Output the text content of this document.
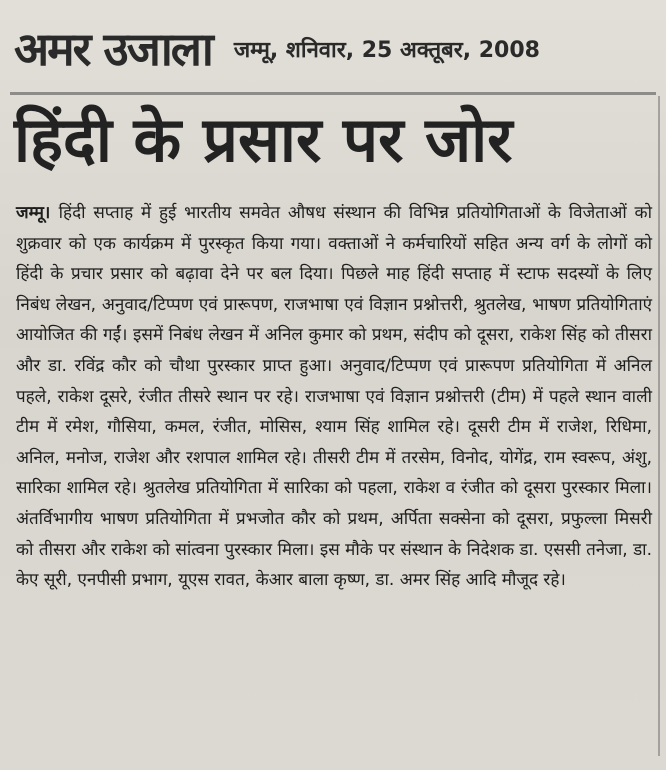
अमर उजाला जम्मू, शनिवार, 25 अक्तूबर, 2008
हिंदी के प्रसार पर जोर
जम्मू। हिंदी सप्ताह में हुई भारतीय समवेत औषध संस्थान की विभिन्न प्रतियोगिताओं के विजेताओं को शुक्रवार को एक कार्यक्रम में पुरस्कृत किया गया। वक्ताओं ने कर्मचारियों सहित अन्य वर्ग के लोगों को हिंदी के प्रचार प्रसार को बढ़ावा देने पर बल दिया। पिछले माह हिंदी सप्ताह में स्टाफ सदस्यों के लिए निबंध लेखन, अनुवाद/टिप्पण एवं प्रारूपण, राजभाषा एवं विज्ञान प्रश्नोत्तरी, श्रुतलेख, भाषण प्रतियोगिताएं आयोजित की गईं। इसमें निबंध लेखन में अनिल कुमार को प्रथम, संदीप को दूसरा, राकेश सिंह को तीसरा और डा. रविंद्र कौर को चौथा पुरस्कार प्राप्त हुआ। अनुवाद/टिप्पण एवं प्रारूपण प्रतियोगिता में अनिल पहले, राकेश दूसरे, रंजीत तीसरे स्थान पर रहे। राजभाषा एवं विज्ञान प्रश्नोत्तरी (टीम) में पहले स्थान वाली टीम में रमेश, गौसिया, कमल, रंजीत, मोसिस, श्याम सिंह शामिल रहे। दूसरी टीम में राजेश, रिधिमा, अनिल, मनोज, राजेश और रशपाल शामिल रहे। तीसरी टीम में तरसेम, विनोद, योगेंद्र, राम स्वरूप, अंशु, सारिका शामिल रहे। श्रुतलेख प्रतियोगिता में सारिका को पहला, राकेश व रंजीत को दूसरा पुरस्कार मिला। अंतर्विभागीय भाषण प्रतियोगिता में प्रभजोत कौर को प्रथम, अर्पिता सक्सेना को दूसरा, प्रफुल्ला मिसरी को तीसरा और राकेश को सांत्वना पुरस्कार मिला। इस मौके पर संस्थान के निदेशक डा. एससी तनेजा, डा. केए सूरी, एनपीसी प्रभाग, यूएस रावत, केआर बाला कृष्ण, डा. अमर सिंह आदि मौजूद रहे।
